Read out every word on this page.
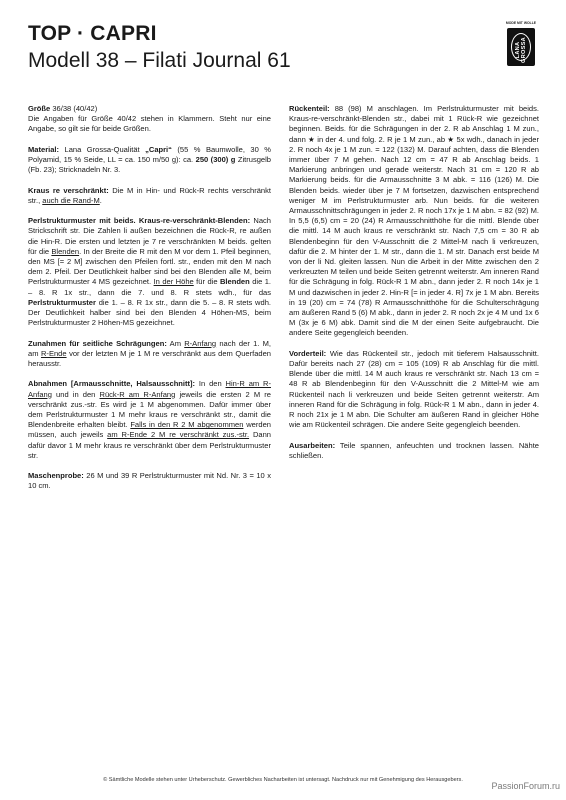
TOP · CAPRI
Modell 38 – Filati Journal 61
MODE MIT WOLLE
LANA GROSSA

Größe 36/38 (40/42)
Die Angaben für Größe 40/42 stehen in Klammern. Steht nur eine Angabe, so gilt sie für beide Größen.

Material: Lana Grossa-Qualität „Capri“ (55 % Baumwolle, 30 % Polyamid, 15 % Seide, LL = ca. 150 m/50 g): ca. 250 (300) g Zitrusgelb (Fb. 23); Stricknadeln Nr. 3.

Kraus re verschränkt: Die M in Hin- und Rück-R rechts verschränkt str., auch die Rand-M.

Perlstrukturmuster mit beids. Kraus-re-verschränkt-Blenden: Nach Strickschrift str. Die Zahlen li außen bezeichnen die Rück-R, re außen die Hin-R. Die ersten und letzten je 7 re verschränkten M beids. gelten für die Blenden. In der Breite die R mit den M vor dem 1. Pfeil beginnen, den MS [= 2 M] zwischen den Pfeilen fortl. str., enden mit den M nach dem 2. Pfeil. Der Deutlichkeit halber sind bei den Blenden alle M, beim Perlstrukturmuster 4 MS gezeichnet. In der Höhe für die Blenden die 1. – 8. R 1x str., dann die 7. und 8. R stets wdh., für das Perlstrukturmuster die 1. – 8. R 1x str., dann die 5. – 8. R stets wdh. Der Deutlichkeit halber sind bei den Blenden 4 Höhen-MS, beim Perlstrukturmuster 2 Höhen-MS gezeichnet.

Zunahmen für seitliche Schrägungen: Am R-Anfang nach der 1. M, am R-Ende vor der letzten M je 1 M re verschränkt aus dem Querfaden herausstr.

Abnahmen [Armausschnitte, Halsausschnitt]: In den Hin-R am R-Anfang und in den Rück-R am R-Anfang jeweils die ersten 2 M re verschränkt zus.-str. Es wird je 1 M abgenommen. Dafür immer über dem Perlstrukturmuster 1 M mehr kraus re verschränkt str., damit die Blendenbreite erhalten bleibt. Falls in den R 2 M abgenommen werden müssen, auch jeweils am R-Ende 2 M re verschränkt zus.-str. Dann dafür davor 1 M mehr kraus re verschränkt über dem Perlstrukturmuster str.

Maschenprobe: 26 M und 39 R Perlstrukturmuster mit Nd. Nr. 3 = 10 x 10 cm.

Rückenteil: 88 (98) M anschlagen. Im Perlstrukturmuster mit beids. Kraus-re-verschränkt-Blenden str., dabei mit 1 Rück-R wie gezeichnet beginnen. Beids. für die Schrägungen in der 2. R ab Anschlag 1 M zun., dann ★ in der 4. und folg. 2. R je 1 M zun., ab ★ 5x wdh., danach in jeder 2. R noch 4x je 1 M zun. = 122 (132) M. Darauf achten, dass die Blenden immer über 7 M gehen. Nach 12 cm = 47 R ab Anschlag beids. 1 Markierung anbringen und gerade weiterstr. Nach 31 cm = 120 R ab Markierung beids. für die Armausschnitte 3 M abk. = 116 (126) M. Die Blenden beids. wieder über je 7 M fortsetzen, dazwischen entsprechend weniger M im Perlstrukturmuster arb. Nun beids. für die weiteren Armausschnittschrägungen in jeder 2. R noch 17x je 1 M abn. = 82 (92) M. In 5,5 (6,5) cm = 20 (24) R Armausschnitthöhe für die mittl. Blende über die mittl. 14 M auch kraus re verschränkt str. Nach 7,5 cm = 30 R ab Blendenbeginn für den V-Ausschnitt die 2 Mittel-M nach li verkreuzen, dafür die 2. M hinter der 1. M str., dann die 1. M str. Danach erst beide M von der li Nd. gleiten lassen. Nun die Arbeit in der Mitte zwischen den 2 verkreuzten M teilen und beide Seiten getrennt weiterstr. Am inneren Rand für die Schrägung in folg. Rück-R 1 M abn., dann jeder 2. R noch 14x je 1 M und dazwischen in jeder 2. Hin-R [= in jeder 4. R] 7x je 1 M abn. Bereits in 19 (20) cm = 74 (78) R Armausschnitthöhe für die Schulterschrägung am äußeren Rand 5 (6) M abk., dann in jeder 2. R noch 2x je 4 M und 1x 6 M (3x je 6 M) abk. Damit sind die M der einen Seite aufgebraucht. Die andere Seite gegengleich beenden.

Vorderteil: Wie das Rückenteil str., jedoch mit tieferem Halsausschnitt. Dafür bereits nach 27 (28) cm = 105 (109) R ab Anschlag für die mittl. Blende über die mittl. 14 M auch kraus re verschränkt str. Nach 13 cm = 48 R ab Blendenbeginn für den V-Ausschnitt die 2 Mittel-M wie am Rückenteil nach li verkreuzen und beide Seiten getrennt weiterstr. Am inneren Rand für die Schrägung in folg. Rück-R 1 M abn., dann in jeder 4. R noch 21x je 1 M abn. Die Schulter am äußeren Rand in gleicher Höhe wie am Rückenteil schrägen. Die andere Seite gegengleich beenden.

Ausarbeiten: Teile spannen, anfeuchten und trocknen lassen. Nähte schließen.

© Sämtliche Modelle stehen unter Urheberschutz. Gewerbliches Nacharbeiten ist untersagt. Nachdruck nur mit Genehmigung des Herausgebers.
PassionForum.ru
